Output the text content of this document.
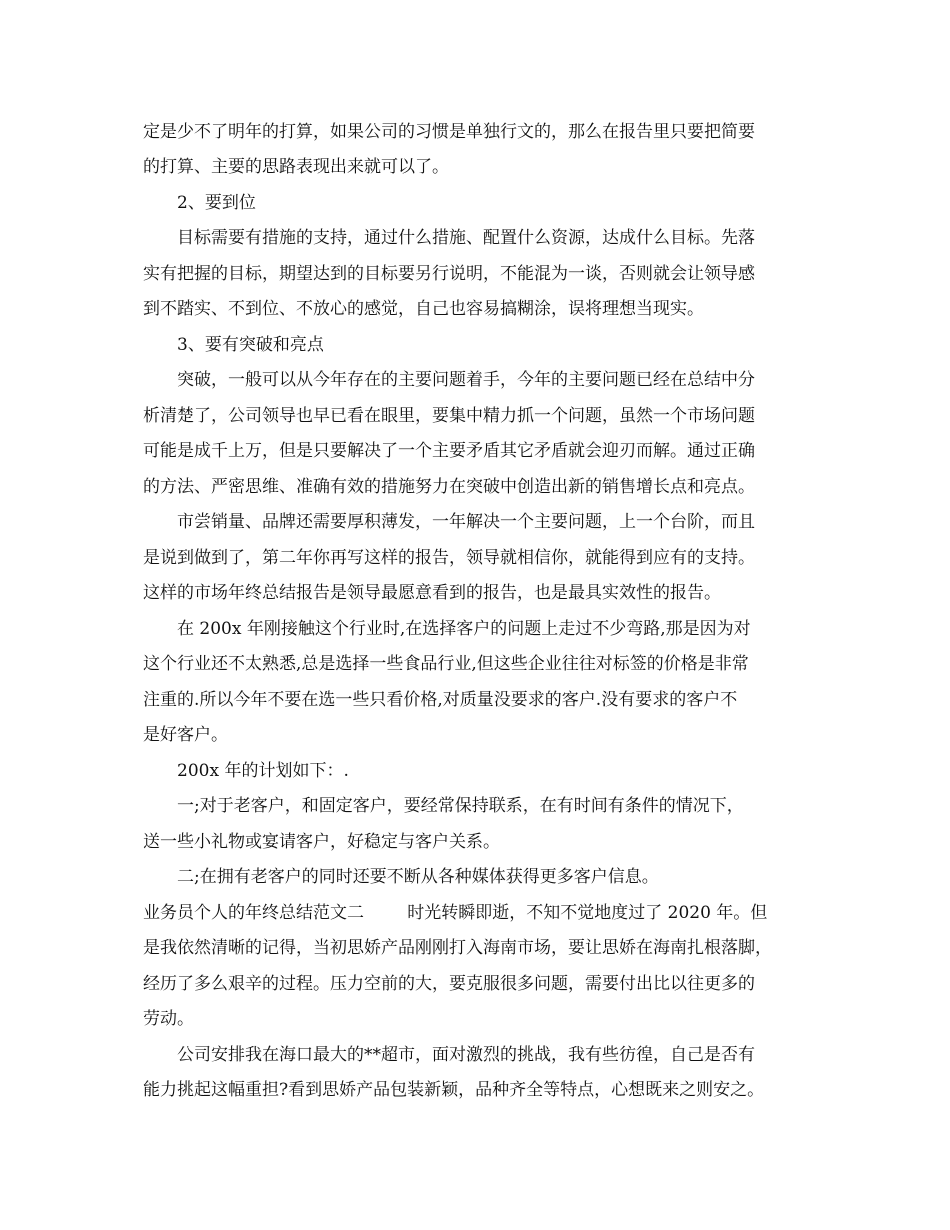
定是少不了明年的打算，如果公司的习惯是单独行文的，那么在报告里只要把简要
的打算、主要的思路表现出来就可以了。
2、要到位
目标需要有措施的支持，通过什么措施、配置什么资源，达成什么目标。先落
实有把握的目标，期望达到的目标要另行说明，不能混为一谈，否则就会让领导感
到不踏实、不到位、不放心的感觉，自己也容易搞糊涂，误将理想当现实。
3、要有突破和亮点
突破，一般可以从今年存在的主要问题着手，今年的主要问题已经在总结中分
析清楚了，公司领导也早已看在眼里，要集中精力抓一个问题，虽然一个市场问题
可能是成千上万，但是只要解决了一个主要矛盾其它矛盾就会迎刃而解。通过正确
的方法、严密思维、准确有效的措施努力在突破中创造出新的销售增长点和亮点。
市尝销量、品牌还需要厚积薄发，一年解决一个主要问题，上一个台阶，而且
是说到做到了，第二年你再写这样的报告，领导就相信你，就能得到应有的支持。
这样的市场年终总结报告是领导最愿意看到的报告，也是最具实效性的报告。
在 200x 年刚接触这个行业时,在选择客户的问题上走过不少弯路,那是因为对
这个行业还不太熟悉,总是选择一些食品行业,但这些企业往往对标签的价格是非常
注重的.所以今年不要在选一些只看价格,对质量没要求的客户.没有要求的客户不
是好客户。
200x 年的计划如下：.
一;对于老客户，和固定客户，要经常保持联系，在有时间有条件的情况下，
送一些小礼物或宴请客户，好稳定与客户关系。
二;在拥有老客户的同时还要不断从各种媒体获得更多客户信息。
业务员个人的年终总结范文二        时光转瞬即逝，不知不觉地度过了 2020 年。但
是我依然清晰的记得，当初思娇产品刚刚打入海南市场，要让思娇在海南扎根落脚，
经历了多么艰辛的过程。压力空前的大，要克服很多问题，需要付出比以往更多的
劳动。
公司安排我在海口最大的**超市，面对激烈的挑战，我有些彷徨，自己是否有
能力挑起这幅重担?看到思娇产品包装新颖，品种齐全等特点，心想既来之则安之。
